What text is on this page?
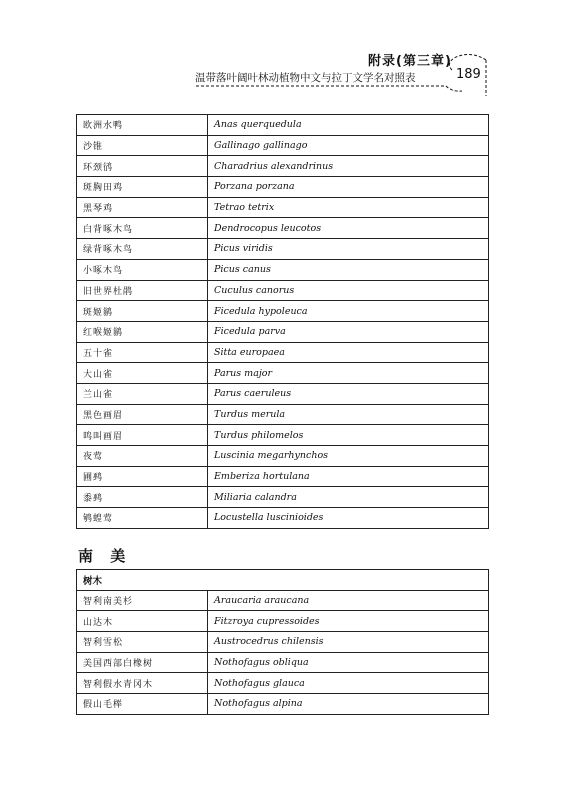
附录(第三章)
温带落叶阔叶林动植物中文与拉丁文学名对照表	189
欧洲水鸭	Anas querquedula
沙锥	Gallinago gallinago
环颈鸻	Charadrius alexandrinus
斑胸田鸡	Porzana porzana
黑琴鸡	Tetrao tetrix
白背啄木鸟	Dendrocopus leucotos
绿背啄木鸟	Picus viridis
小啄木鸟	Picus canus
旧世界杜鹃	Cuculus canorus
斑姬鹟	Ficedula hypoleuca
红喉姬鹟	Ficedula parva
五十雀	Sitta europaea
大山雀	Parus major
兰山雀	Parus caeruleus
黑色画眉	Turdus merula
鸣叫画眉	Turdus philomelos
夜莺	Luscinia megarhynchos
圃鹀	Emberiza hortulana
黍鹀	Miliaria calandra
鸲蝗莺	Locustella luscinioides
南 美
树木	
智利南美杉	Araucaria araucana
山达木	Fitzroya cupressoides
智利雪松	Austrocedrus chilensis
美国西部白橡树	Nothofagus obliqua
智利假水青冈木	Nothofagus glauca
假山毛榉	Nothofagus alpina
